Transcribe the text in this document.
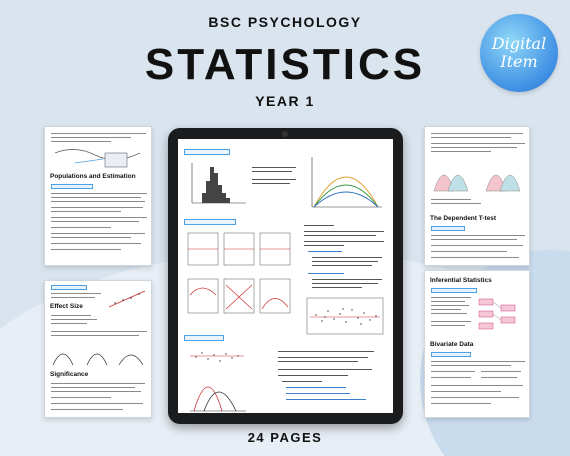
BSC PSYCHOLOGY
STATISTICS
YEAR 1
Digital
Item
Populations and Estimation
Effect Size
Significance
The Dependent T-test
Inferential Statistics
Bivariate Data
24 PAGES
